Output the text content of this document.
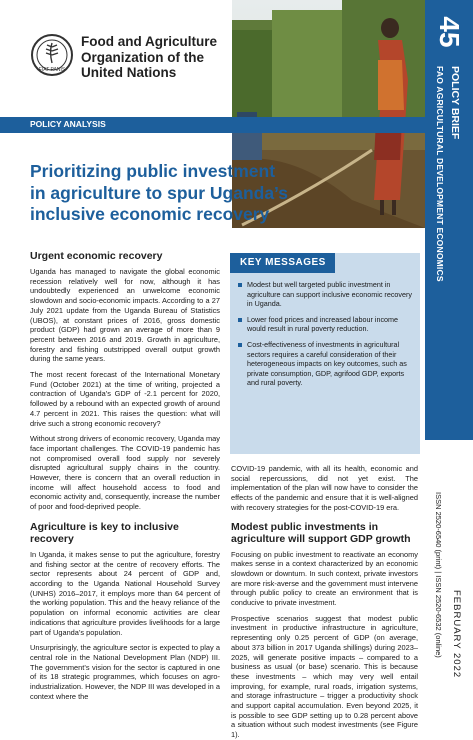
FIAT PANIS
Food and Agriculture
Organization of the
United Nations
45
FAO AGRICULTURAL DEVELOPMENT ECONOMICS POLICY BRIEF
ISSN 2520-6540 (print) | ISSN 2520-6532 (online) FEBRUARY 2022
POLICY ANALYSIS
Prioritizing public investment
in agriculture to spur Uganda’s
inclusive economic recovery
Urgent economic recovery

Uganda has managed to navigate the global economic recession relatively well for now, although it has undoubtedly experienced an unwelcome economic slowdown and socio-economic impacts. According to a 27 July 2021 update from the Uganda Bureau of Statistics (UBOS), at constant prices of 2016, gross domestic product (GDP) had grown an average of more than 9 percent between 2016 and 2019. Growth in agriculture, forestry and fishing outstripped overall output growth during the same years.

The most recent forecast of the International Monetary Fund (October 2021) at the time of writing, projected a contraction of Uganda’s GDP of -2.1 percent for 2020, followed by a rebound with an expected growth of around 4.7 percent in 2021. This raises the question: what will drive such a strong economic recovery?

Without strong drivers of economic recovery, Uganda may face important challenges. The COVID-19 pandemic has not compromised overall food supply nor severely disrupted agricultural supply chains in the country. However, there is concern that an overall reduction in income will affect household access to food and economic activity and, consequently, increase the number of poor and food-deprived people.

Agriculture is key to inclusive recovery

In Uganda, it makes sense to put the agriculture, forestry and fishing sector at the centre of recovery efforts. The sector represents about 24 percent of GDP and, according to the Uganda National Household Survey (UNHS) 2016–2017, it employs more than 64 percent of the working population. This and the heavy reliance of the population on informal economic activities are clear indications that agriculture provides livelihoods for a large part of Uganda’s population.

Unsurprisingly, the agriculture sector is expected to play a central role in the National Development Plan (NDP) III. The government’s vision for the sector is captured in one of its 18 strategic programmes, which focuses on agro-industrialization. However, the NDP III was developed in a context where the

KEY MESSAGES
Modest but well targeted public investment in agriculture can support inclusive economic recovery in Uganda.
Lower food prices and increased labour income would result in rural poverty reduction.
Cost-effectiveness of investments in agricultural sectors requires a careful consideration of their heterogeneous impacts on key outcomes, such as private consumption, GDP, agrifood GDP, exports and rural poverty.

COVID-19 pandemic, with all its health, economic and social repercussions, did not yet exist. The implementation of the plan will now have to consider the effects of the pandemic and ensure that it is well-aligned with recovery strategies for the post-COVID-19 era.

Modest public investments in agriculture will support GDP growth

Focusing on public investment to reactivate an economy makes sense in a context characterized by an economic slowdown or downturn. In such context, private investors are more risk-averse and the government must intervene through public policy to create an environment that is conducive to private investment.

Prospective scenarios suggest that modest public investment in productive infrastructure in agriculture, representing only 0.25 percent of GDP (on average, about 373 billion in 2017 Uganda shillings) during 2023–2025, will generate positive impacts – compared to a business as usual (or base) scenario. This is because these investments – which may very well entail improving, for example, rural roads, irrigation systems, and storage infrastructure – trigger a productivity shock and support capital accumulation. Even beyond 2025, it is possible to see GDP setting up to 0.28 percent above a situation without such modest investments (see Figure 1).
